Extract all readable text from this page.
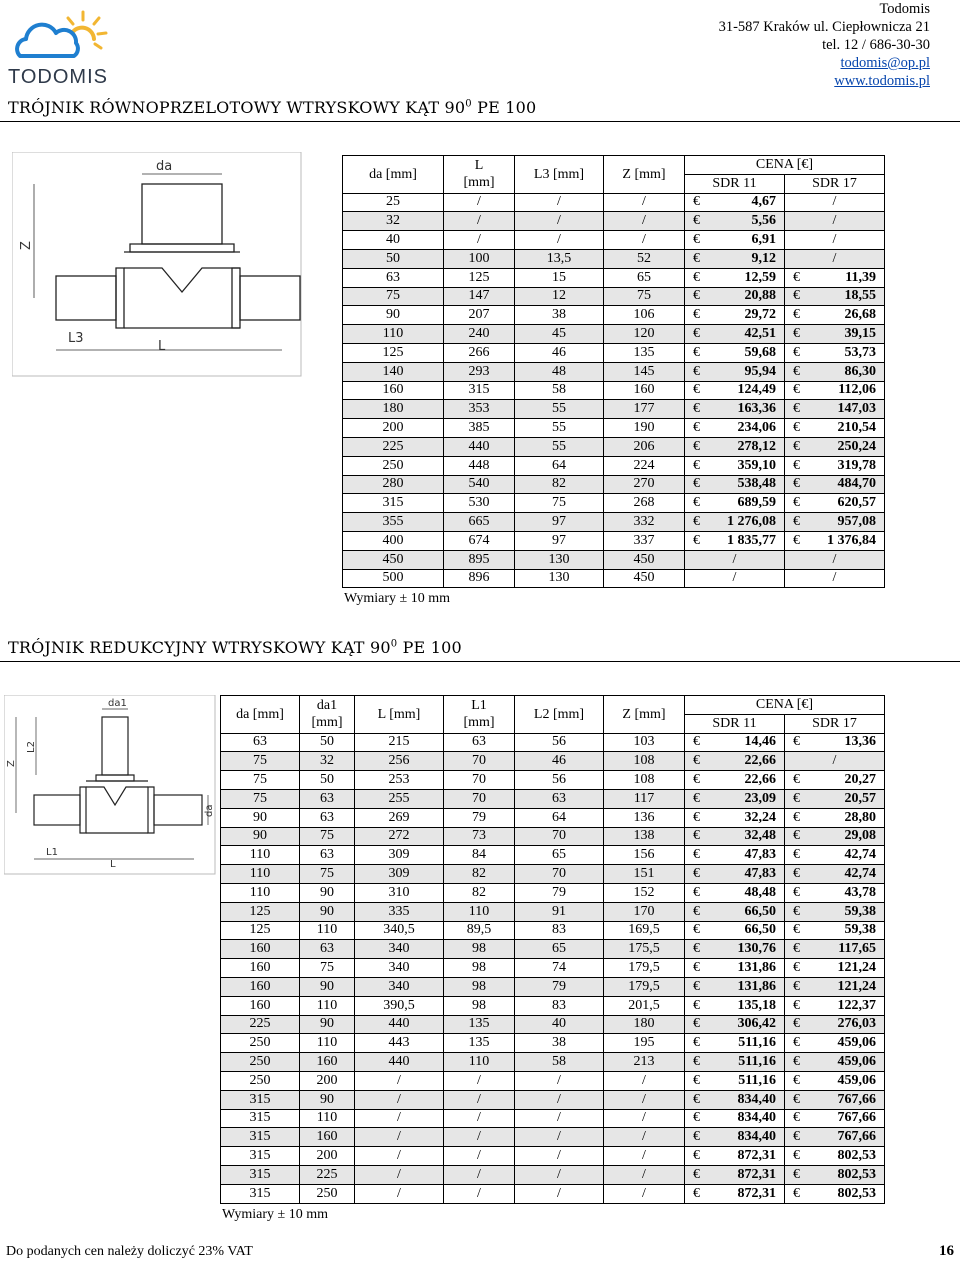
TODOMIS
Todomis
31-587 Kraków ul. Ciepłownicza 21
tel. 12 / 686-30-30
todomis@op.pl
www.todomis.pl
TRÓJNIK RÓWNOPRZELOTOWY WTRYSKOWY KĄT $90^0$ PE 100
da
Z
L3
L
da [mm]	L
[mm]	L3 [mm]	Z [mm]	CENA [€]			
				SDR 11		SDR 17	
25	/	/	/	€	4,67	/	
32	/	/	/	€	5,56	/	
40	/	/	/	€	6,91	/	
50	100	13,5	52	€	9,12	/	
63	125	15	65	€	12,59	€	11,39
75	147	12	75	€	20,88	€	18,55
90	207	38	106	€	29,72	€	26,68
110	240	45	120	€	42,51	€	39,15
125	266	46	135	€	59,68	€	53,73
140	293	48	145	€	95,94	€	86,30
160	315	58	160	€	124,49	€	112,06
180	353	55	177	€	163,36	€	147,03
200	385	55	190	€	234,06	€	210,54
225	440	55	206	€	278,12	€	250,24
250	448	64	224	€	359,10	€	319,78
280	540	82	270	€	538,48	€	484,70
315	530	75	268	€	689,59	€	620,57
355	665	97	332	€	1 276,08	€	957,08
400	674	97	337	€	1 835,77	€	1 376,84
450	895	130	450	/		/	
500	896	130	450	/		/	
Wymiary ± 10 mm
TRÓJNIK REDUKCYJNY WTRYSKOWY KĄT $90^0$ PE 100
da1
Z
L2
L1
L
da
da [mm]	da1
[mm]	L [mm]	L1
[mm]	L2 [mm]	Z [mm]	CENA [€]			
						SDR 11		SDR 17	
63	50	215	63	56	103	€	14,46	€	13,36
75	32	256	70	46	108	€	22,66	/	
75	50	253	70	56	108	€	22,66	€	20,27
75	63	255	70	63	117	€	23,09	€	20,57
90	63	269	79	64	136	€	32,24	€	28,80
90	75	272	73	70	138	€	32,48	€	29,08
110	63	309	84	65	156	€	47,83	€	42,74
110	75	309	82	70	151	€	47,83	€	42,74
110	90	310	82	79	152	€	48,48	€	43,78
125	90	335	110	91	170	€	66,50	€	59,38
125	110	340,5	89,5	83	169,5	€	66,50	€	59,38
160	63	340	98	65	175,5	€	130,76	€	117,65
160	75	340	98	74	179,5	€	131,86	€	121,24
160	90	340	98	79	179,5	€	131,86	€	121,24
160	110	390,5	98	83	201,5	€	135,18	€	122,37
225	90	440	135	40	180	€	306,42	€	276,03
250	110	443	135	38	195	€	511,16	€	459,06
250	160	440	110	58	213	€	511,16	€	459,06
250	200	/	/	/	/	€	511,16	€	459,06
315	90	/	/	/	/	€	834,40	€	767,66
315	110	/	/	/	/	€	834,40	€	767,66
315	160	/	/	/	/	€	834,40	€	767,66
315	200	/	/	/	/	€	872,31	€	802,53
315	225	/	/	/	/	€	872,31	€	802,53
315	250	/	/	/	/	€	872,31	€	802,53
Wymiary ± 10 mm
Do podanych cen należy doliczyć 23% VAT	16
